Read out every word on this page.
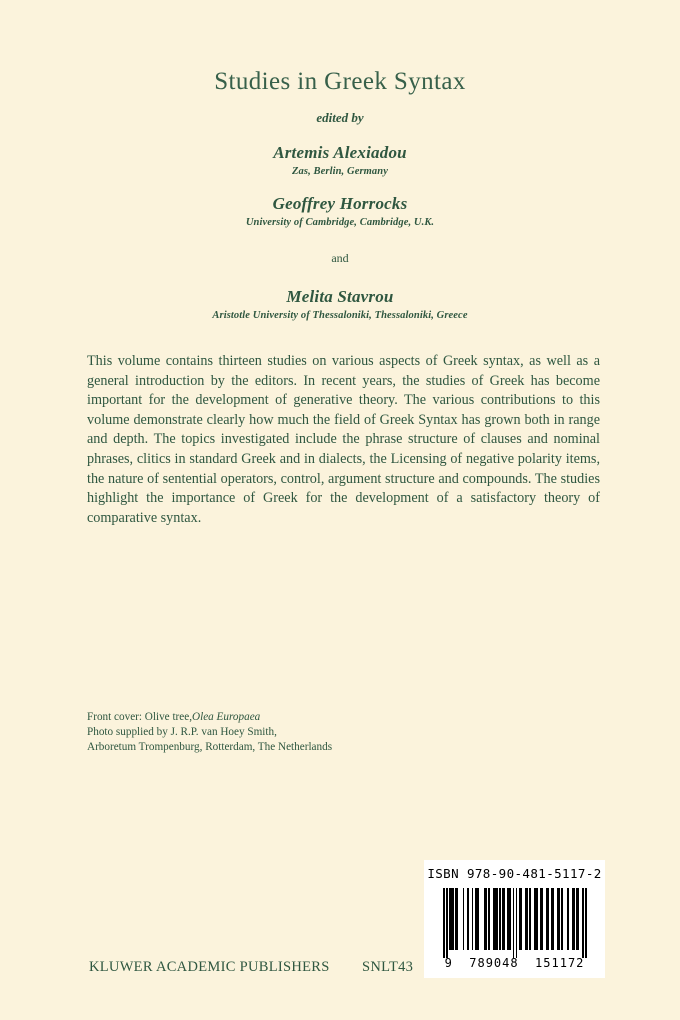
Studies in Greek Syntax
edited by
Artemis Alexiadou
Zas, Berlin, Germany
Geoffrey Horrocks
University of Cambridge, Cambridge, U.K.
and
Melita Stavrou
Aristotle University of Thessaloniki, Thessaloniki, Greece

This volume contains thirteen studies on various aspects of Greek syntax, as well as a general introduction by the editors. In recent years, the studies of Greek has become important for the development of generative theory. The various contributions to this volume demonstrate clearly how much the field of Greek Syntax has grown both in range and depth. The topics investigated include the phrase structure of clauses and nominal phrases, clitics in standard Greek and in dialects, the Licensing of negative polarity items, the nature of sentential operators, control, argument structure and compounds. The studies highlight the importance of Greek for the development of a satisfactory theory of comparative syntax.

Front cover: Olive tree,Olea Europaea
Photo supplied by J. R.P. van Hoey Smith,
Arboretum Trompenburg, Rotterdam, The Netherlands
KLUWER ACADEMIC PUBLISHERS SNLT43
ISBN 978-90-481-5117-2
9  789048  151172
